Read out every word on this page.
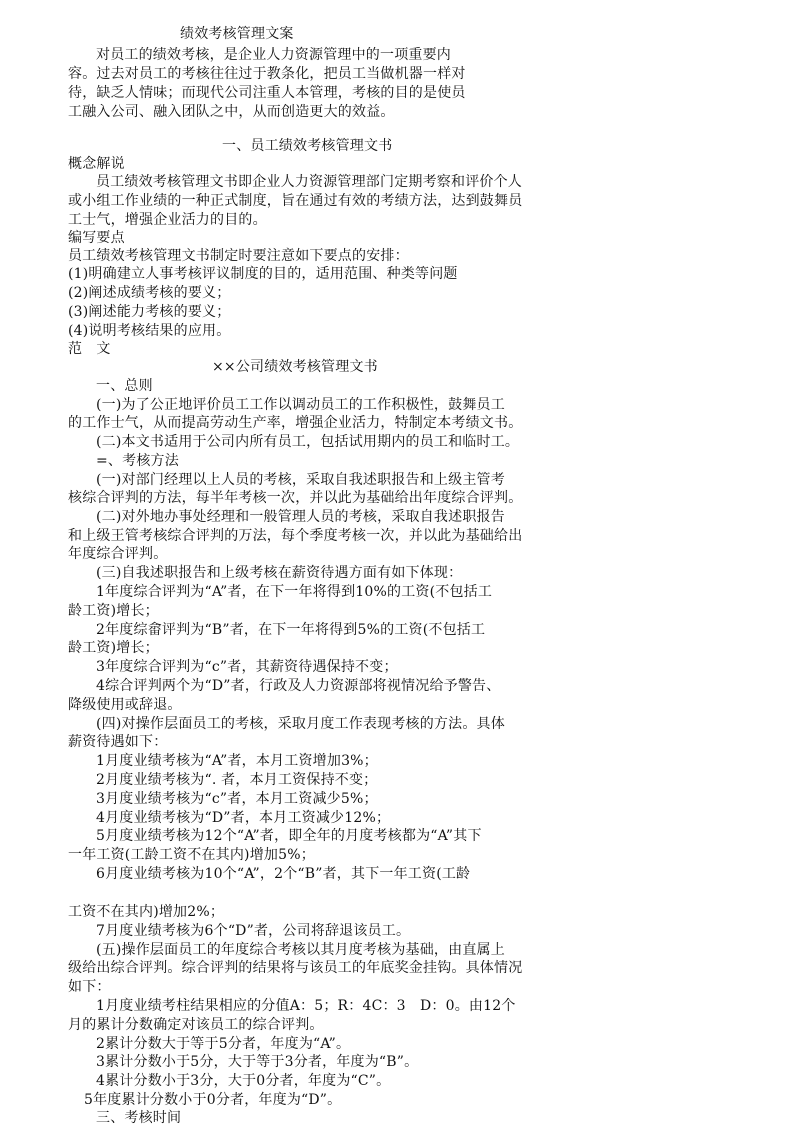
绩效考核管理文案
对员工的绩效考核，是企业人力资源管理中的一项重要内
容。过去对员工的考核往往过于教条化，把员工当做机器一样对
待，缺乏人情味；而现代公司注重人本管理，考核的目的是使员
工融入公司、融入团队之中，从而创造更大的效益。
一、员工绩效考核管理文书
概念解说
员工绩效考核管理文书即企业人力资源管理部门定期考察和评价个人
或小组工作业绩的一种正式制度，旨在通过有效的考绩方法，达到鼓舞员
工士气，增强企业活力的目的。
编写要点
员工绩效考核管理文书制定时要注意如下要点的安排：
(1)明确建立人事考核评议制度的目的，适用范围、种类等问题
(2)阐述成绩考核的要义；
(3)阐述能力考核的要义；
(4)说明考核结果的应用。
范　文
××公司绩效考核管理文书
一、总则
(一)为了公正地评价员工工作以调动员工的工作积极性，鼓舞员工
的工作士气，从而提高劳动生产率，增强企业活力，特制定本考绩文书。
(二)本文书适用于公司内所有员工，包括试用期内的员工和临时工。
=、考核方法
(一)对部门经理以上人员的考核，采取自我述职报告和上级主管考
核综合评判的方法，每半年考核一次，并以此为基础给出年度综合评判。
(二)对外地办事处经理和一般管理人员的考核，采取自我述职报告
和上级王管考核综合评判的万法，每个季度考核一次，并以此为基础给出
年度综合评判。
(三)自我述职报告和上级考核在薪资待遇方面有如下体现：
1年度综合评判为“A”者，在下一年将得到10%的工资(不包括工
龄工资)增长；
2年度综畲评判为“B”者，在下一年将得到5%的工资(不包括工
龄工资)增长；
3年度综合评判为“c”者，其薪资待遇保持不变；
4综合评判两个为“D”者，行政及人力资源部将视情况给予警告、
降级使用或辞退。
(四)对操作层面员工的考核，采取月度工作表现考核的方法。具体
薪资待遇如下：
1月度业绩考核为“A”者，本月工资增加3%；
2月度业绩考核为“. 者，本月工资保持不变；
3月度业绩考核为“c”者，本月工资减少5%；
4月度业绩考核为“D”者，本月工资减少12%；
5月度业绩考核为12个“A”者，即全年的月度考核都为“A”其下
一年工资(工龄工资不在其内)增加5%；
6月度业绩考核为10个“A”，2个“B”者，其下一年工资(工龄
工资不在其内)增加2%；
7月度业绩考核为6个“D”者，公司将辞退该员工。
(五)操作层面员工的年度综合考核以其月度考核为基础，由直属上
级给出综合评判。综合评判的结果将与该员工的年底奖金挂钩。具体情况
如下：
1月度业绩考柱结果相应的分值A：5；R：4C：3　D：0。由12个
月的累计分数确定对该员工的综合评判。
2累计分数大于等于5分者，年度为“A”。
3累计分数小于5分，大于等于3分者，年度为“B”。
4累计分数小于3分，大于0分者，年度为“C”。
5年度累计分数小于0分者，年度为“D”。
三、考核时间
